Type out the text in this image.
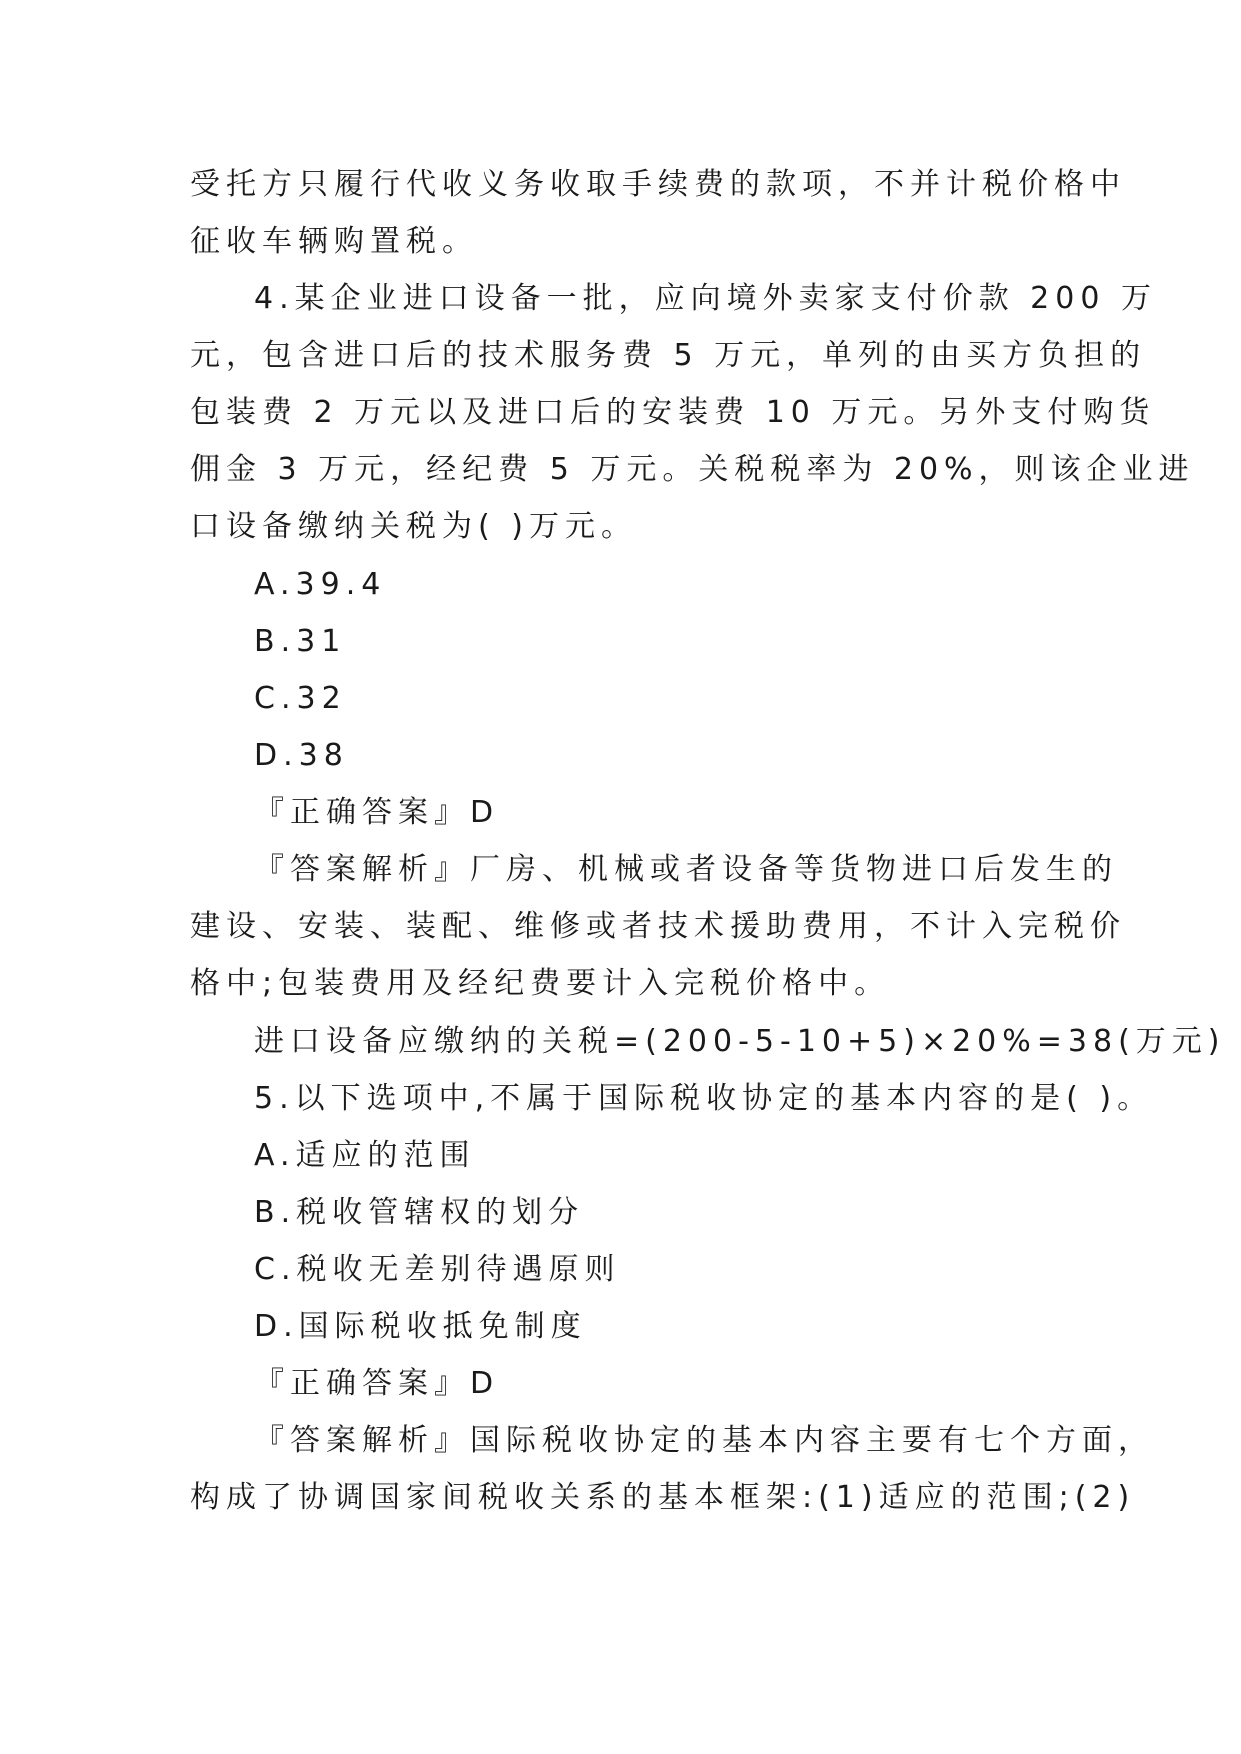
受托方只履行代收义务收取手续费的款项，不并计税价格中
征收车辆购置税。
4.某企业进口设备一批，应向境外卖家支付价款 200 万
元，包含进口后的技术服务费 5 万元，单列的由买方负担的
包装费 2 万元以及进口后的安装费 10 万元。另外支付购货
佣金 3 万元，经纪费 5 万元。关税税率为 20%，则该企业进
口设备缴纳关税为( )万元。
A.39.4
B.31
C.32
D.38
『正确答案』D
『答案解析』厂房、机械或者设备等货物进口后发生的
建设、安装、装配、维修或者技术援助费用，不计入完税价
格中;包装费用及经纪费要计入完税价格中。
进口设备应缴纳的关税=(200-5-10+5)×20%=38(万元)
5.以下选项中,不属于国际税收协定的基本内容的是( )。
A.适应的范围
B.税收管辖权的划分
C.税收无差别待遇原则
D.国际税收抵免制度
『正确答案』D
『答案解析』国际税收协定的基本内容主要有七个方面，
构成了协调国家间税收关系的基本框架:(1)适应的范围;(2)
